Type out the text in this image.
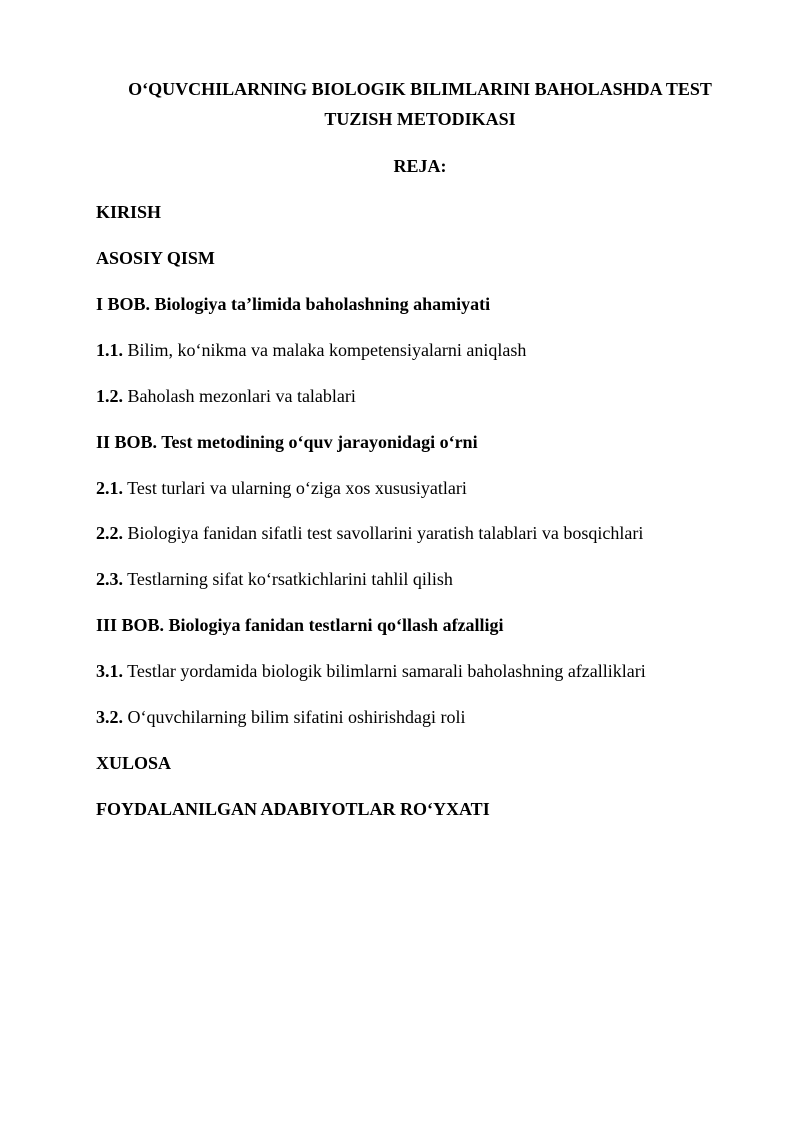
O‘QUVCHILARNING BIOLOGIK BILIMLARINI BAHOLASHDA TEST

TUZISH METODIKASI

REJA:

KIRISH
ASOSIY QISM
I BOB. Biologiya ta’limida baholashning ahamiyati
1.1. Bilim, ko‘nikma va malaka kompetensiyalarni aniqlash
1.2. Baholash mezonlari va talablari
II BOB. Test metodining o‘quv jarayonidagi o‘rni
2.1. Test turlari va ularning o‘ziga xos xususiyatlari
2.2. Biologiya fanidan sifatli test savollarini yaratish talablari va bosqichlari
2.3. Testlarning sifat ko‘rsatkichlarini tahlil qilish
III BOB. Biologiya fanidan testlarni qo‘llash afzalligi
3.1. Testlar yordamida biologik bilimlarni samarali baholashning afzalliklari
3.2. O‘quvchilarning bilim sifatini oshirishdagi roli
XULOSA
FOYDALANILGAN ADABIYOTLAR RO‘YXATI
